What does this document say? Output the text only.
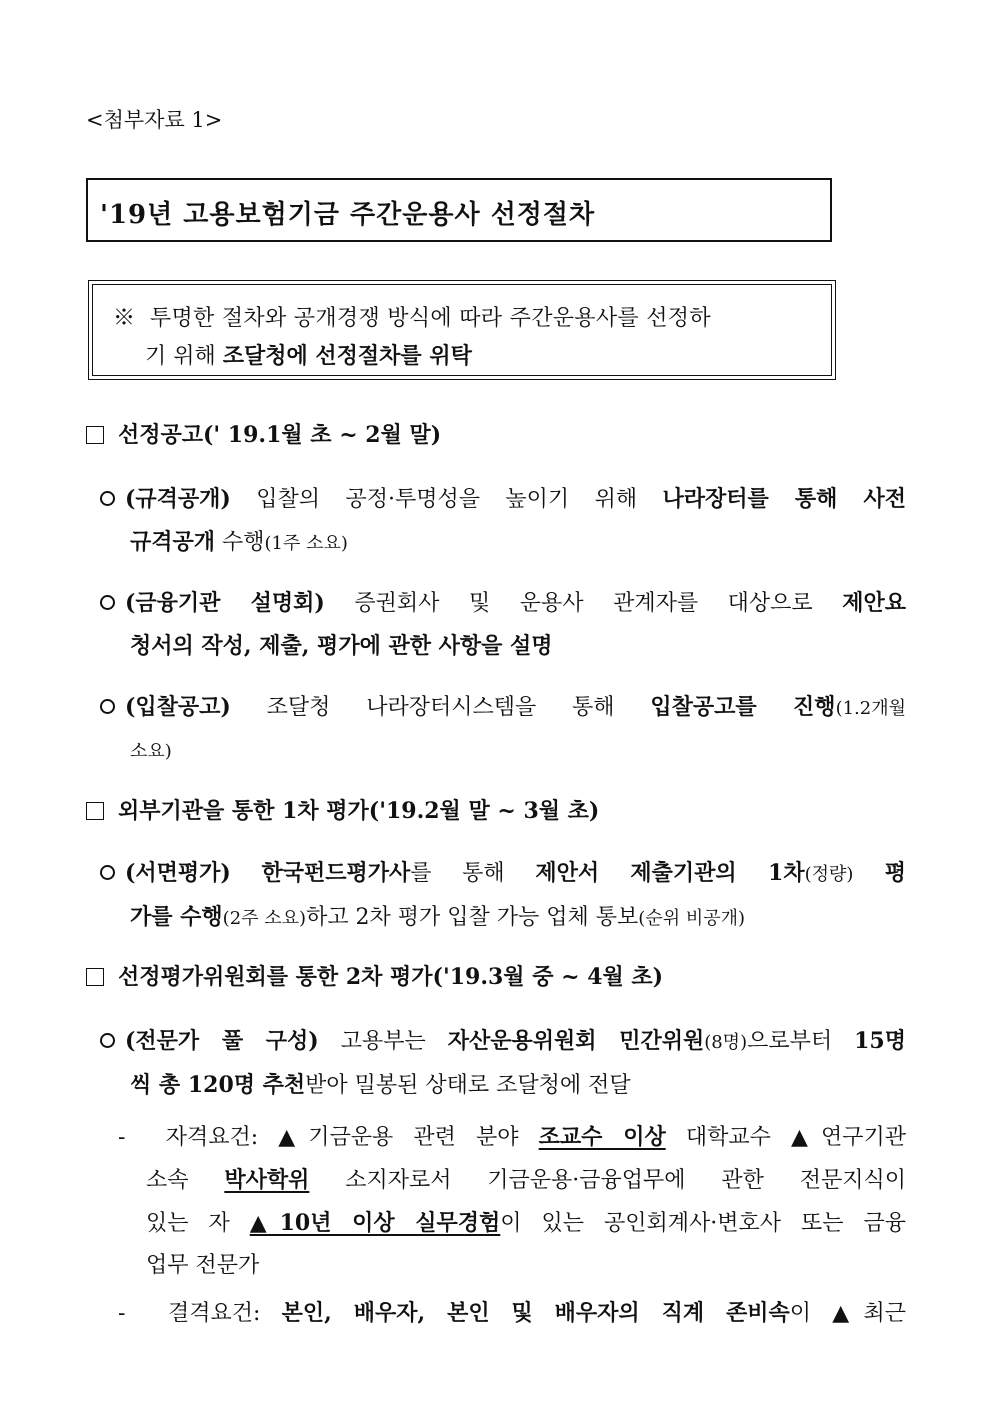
<첨부자료 1>
'19년 고용보험기금 주간운용사 선정절차
※ 투명한 절차와 공개경쟁 방식에 따라 주간운용사를 선정하
기 위해 조달청에 선정절차를 위탁
선정공고(' 19.1월 초 ~ 2월 말)
(규격공개) 입찰의 공정·투명성을 높이기 위해 나라장터를 통해 사전
규격공개 수행(1주 소요)
(금융기관 설명회) 증권회사 및 운용사 관계자를 대상으로 제안요
청서의 작성, 제출, 평가에 관한 사항을 설명
(입찰공고) 조달청 나라장터시스템을 통해 입찰공고를 진행(1.2개월
소요)
외부기관을 통한 1차 평가('19.2월 말 ~ 3월 초)
(서면평가) 한국펀드평가사를 통해 제안서 제출기관의 1차(정량) 평
가를 수행(2주 소요)하고 2차 평가 입찰 가능 업체 통보(순위 비공개)
선정평가위원회를 통한 2차 평가('19.3월 중 ~ 4월 초)
(전문가 풀 구성) 고용부는 자산운용위원회 민간위원(8명)으로부터 15명
씩 총 120명 추천받아 밀봉된 상태로 조달청에 전달
- 자격요건: ▲기금운용 관련 분야 조교수 이상 대학교수 ▲연구기관
소속 박사학위 소지자로서 기금운용·금융업무에 관한 전문지식이
있는 자 ▲10년 이상 실무경험이 있는 공인회계사·변호사 또는 금융
업무 전문가
- 결격요건: 본인, 배우자, 본인 및 배우자의 직계 존비속이 ▲최근
